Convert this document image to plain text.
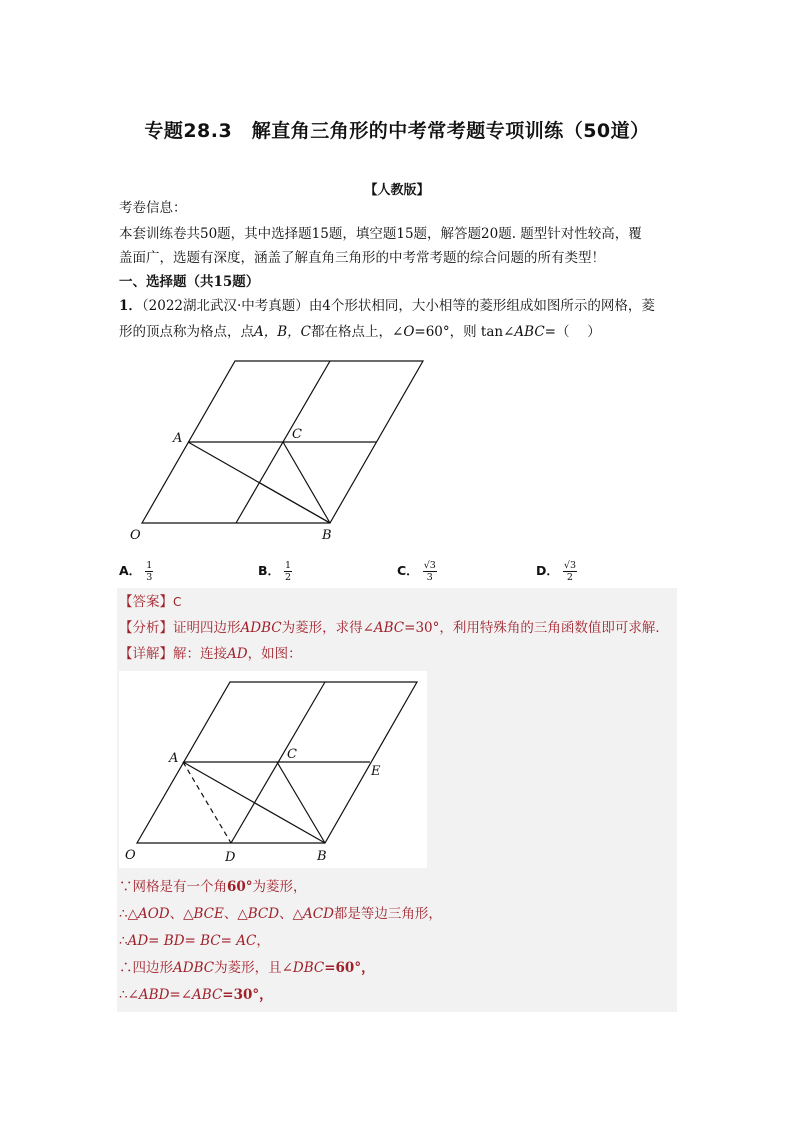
专题28.3　解直角三角形的中考常考题专项训练（50道）
【人教版】
考卷信息：
本套训练卷共50题，其中选择题15题，填空题15题，解答题20题. 题型针对性较高，覆
盖面广，选题有深度，涵盖了解直角三角形的中考常考题的综合问题的所有类型！
一、选择题（共15题）
1．（2022湖北武汉·中考真题）由4个形状相同，大小相等的菱形组成如图所示的网格，菱
形的顶点称为格点，点A，B，C都在格点上，∠O=60°，则 tan∠ABC=（　 ）
A	C
O	B
A． $\frac{1}{3}$	B． $\frac{1}{2}$	C． $\frac{√3}{3}$	D． $\frac{√3}{2}$
【答案】C
【分析】证明四边形ADBC为菱形，求得∠ABC=30°，利用特殊角的三角函数值即可求解．
【详解】解：连接AD，如图：
A	C
E
O	D	B
∵网格是有一个角60°为菱形，
∴△AOD、△BCE、△BCD、△ACD都是等边三角形，
∴AD= BD= BC= AC，
∴四边形ADBC为菱形，且∠DBC=60°，
∴∠ABD=∠ABC=30°，
